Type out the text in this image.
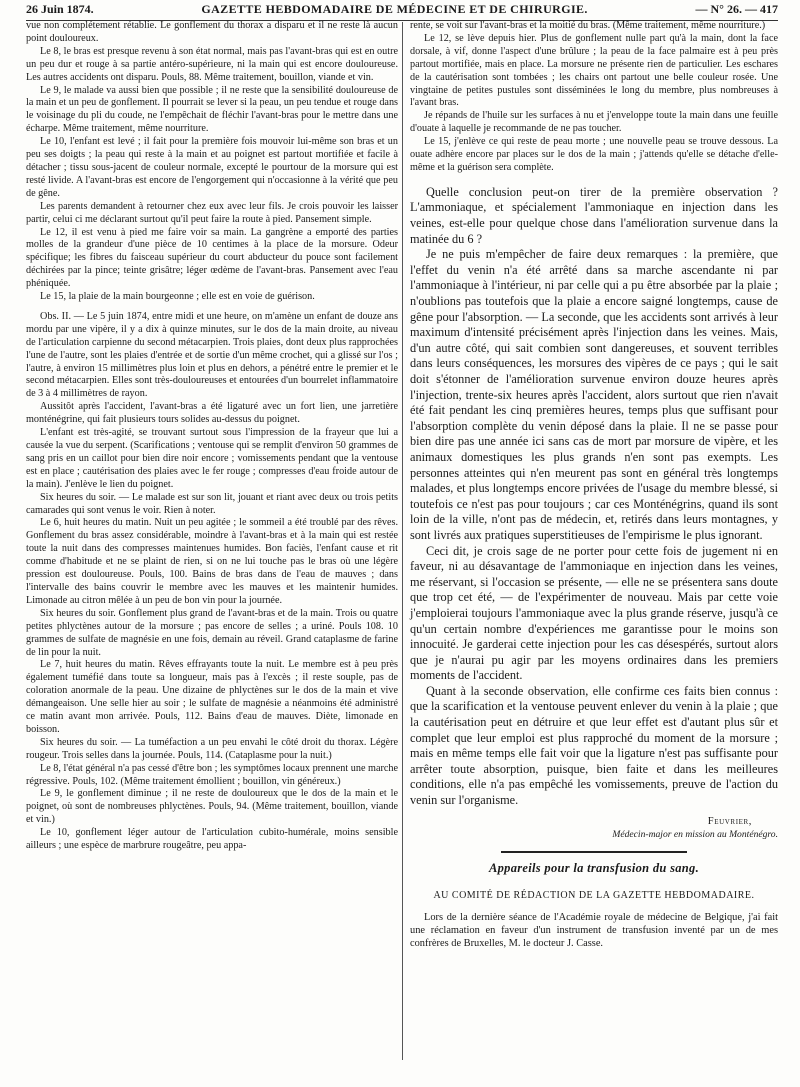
26 Juin 1874.	GAZETTE HEBDOMADAIRE DE MÉDECINE ET DE CHIRURGIE.	— N° 26. — 417

vue non complétement rétablie. Le gonflement du thorax a disparu et il ne reste là aucun point douloureux.

Le 8, le bras est presque revenu à son état normal, mais pas l'avant-bras qui est en outre un peu dur et rouge à sa partie antéro-supérieure, ni la main qui est encore douloureuse. Les autres accidents ont disparu. Pouls, 88. Même traitement, bouillon, viande et vin.

Le 9, le malade va aussi bien que possible ; il ne reste que la sensibilité douloureuse de la main et un peu de gonflement. Il pourrait se lever si la peau, un peu tendue et rouge dans le voisinage du pli du coude, ne l'empêchait de fléchir l'avant-bras pour le mettre dans une écharpe. Même traitement, même nourriture.

Le 10, l'enfant est levé ; il fait pour la première fois mouvoir lui-même son bras et un peu ses doigts ; la peau qui reste à la main et au poignet est partout mortifiée et facile à détacher ; tissu sous-jacent de couleur normale, excepté le pourtour de la morsure qui est resté livide. A l'avant-bras est encore de l'engorgement qui n'occasionne à la vérité que peu de gêne.

Les parents demandent à retourner chez eux avec leur fils. Je crois pouvoir les laisser partir, celui ci me déclarant surtout qu'il peut faire la route à pied. Pansement simple.

Le 12, il est venu à pied me faire voir sa main. La gangrène a emporté des parties molles de la grandeur d'une pièce de 10 centimes à la place de la morsure. Odeur spécifique; les fibres du faisceau supérieur du court abducteur du pouce sont facilement déchirées par la pince; teinte grisâtre; léger œdème de l'avant-bras. Pansement avec l'eau phéniquée.

Le 15, la plaie de la main bourgeonne ; elle est en voie de guérison.

Obs. II. — Le 5 juin 1874, entre midi et une heure, on m'amène un enfant de douze ans mordu par une vipère, il y a dix à quinze minutes, sur le dos de la main droite, au niveau de l'articulation carpienne du second métacarpien. Trois plaies, dont deux plus rapprochées l'une de l'autre, sont les plaies d'entrée et de sortie d'un même crochet, qui a glissé sur l'os ; l'autre, à environ 15 millimètres plus loin et plus en dehors, a pénétré entre le premier et le second métacarpien. Elles sont très-douloureuses et entourées d'un bourrelet inflammatoire de 3 à 4 millimètres de rayon.

Aussitôt après l'accident, l'avant-bras a été ligaturé avec un fort lien, une jarretière monténégrine, qui fait plusieurs tours solides au-dessus du poignet.

L'enfant est très-agité, se trouvant surtout sous l'impression de la frayeur que lui a causée la vue du serpent. (Scarifications ; ventouse qui se remplit d'environ 50 grammes de sang pris en un caillot pour bien dire noir encore ; vomissements pendant que la ventouse est en place ; cautérisation des plaies avec le fer rouge ; compresses d'eau froide autour de la main). J'enlève le lien du poignet.

Six heures du soir. — Le malade est sur son lit, jouant et riant avec deux ou trois petits camarades qui sont venus le voir. Rien à noter.

Le 6, huit heures du matin. Nuit un peu agitée ; le sommeil a été troublé par des rêves. Gonflement du bras assez considérable, moindre à l'avant-bras et à la main qui est restée toute la nuit dans des compresses maintenues humides. Bon faciès, l'enfant cause et rit comme d'habitude et ne se plaint de rien, si on ne lui touche pas le bras où une légère pression est douloureuse. Pouls, 100. Bains de bras dans de l'eau de mauves ; dans l'intervalle des bains couvrir le membre avec les mauves et les maintenir humides. Limonade au citron mêlée à un peu de bon vin pour la journée.

Six heures du soir. Gonflement plus grand de l'avant-bras et de la main. Trois ou quatre petites phlyctènes autour de la morsure ; pas encore de selles ; a uriné. Pouls 108. 10 grammes de sulfate de magnésie en une fois, demain au réveil. Grand cataplasme de farine de lin pour la nuit.

Le 7, huit heures du matin. Rêves effrayants toute la nuit. Le membre est à peu près également tuméfié dans toute sa longueur, mais pas à l'excès ; il reste souple, pas de coloration anormale de la peau. Une dizaine de phlyctènes sur le dos de la main et vive démangeaison. Une selle hier au soir ; le sulfate de magnésie a néanmoins été administré ce matin avant mon arrivée. Pouls, 112. Bains d'eau de mauves. Diète, limonade en boisson.

Six heures du soir. — La tuméfaction a un peu envahi le côté droit du thorax. Légère rougeur. Trois selles dans la journée. Pouls, 114. (Cataplasme pour la nuit.)

Le 8, l'état général n'a pas cessé d'être bon ; les symptômes locaux prennent une marche régressive. Pouls, 102. (Même traitement émollient ; bouillon, vin généreux.)

Le 9, le gonflement diminue ; il ne reste de douloureux que le dos de la main et le poignet, où sont de nombreuses phlyctènes. Pouls, 94. (Même traitement, bouillon, viande et vin.)

Le 10, gonflement léger autour de l'articulation cubito-humérale, moins sensible ailleurs ; une espèce de marbrure rougeâtre, peu appa-

rente, se voit sur l'avant-bras et la moitié du bras. (Même traitement, même nourriture.)

Le 12, se lève depuis hier. Plus de gonflement nulle part qu'à la main, dont la face dorsale, à vif, donne l'aspect d'une brûlure ; la peau de la face palmaire est à peu près partout mortifiée, mais en place. La morsure ne présente rien de particulier. Les eschares de la cautérisation sont tombées ; les chairs ont partout une belle couleur rosée. Une vingtaine de petites pustules sont disséminées le long du membre, plus nombreuses à l'avant bras.

Je répands de l'huile sur les surfaces à nu et j'enveloppe toute la main dans une feuille d'ouate à laquelle je recommande de ne pas toucher.

Le 15, j'enlève ce qui reste de peau morte ; une nouvelle peau se trouve dessous. La ouate adhère encore par places sur le dos de la main ; j'attends qu'elle se détache d'elle-même et la guérison sera complète.

Quelle conclusion peut-on tirer de la première observation ? L'ammoniaque, et spécialement l'ammoniaque en injection dans les veines, est-elle pour quelque chose dans l'amélioration survenue dans la matinée du 6 ?

Je ne puis m'empêcher de faire deux remarques : la première, que l'effet du venin n'a été arrêté dans sa marche ascendante ni par l'ammoniaque à l'intérieur, ni par celle qui a pu être absorbée par la plaie ; n'oublions pas toutefois que la plaie a encore saigné longtemps, cause de gêne pour l'absorption. — La seconde, que les accidents sont arrivés à leur maximum d'intensité précisément après l'injection dans les veines. Mais, d'un autre côté, qui sait combien sont dangereuses, et souvent terribles dans leurs conséquences, les morsures des vipères de ce pays ; qui le sait doit s'étonner de l'amélioration survenue environ douze heures après l'injection, trente-six heures après l'accident, alors surtout que rien n'avait été fait pendant les cinq premières heures, temps plus que suffisant pour l'absorption complète du venin déposé dans la plaie. Il ne se passe pour bien dire pas une année ici sans cas de mort par morsure de vipère, et les animaux domestiques les plus grands n'en sont pas exempts. Les personnes atteintes qui n'en meurent pas sont en général très longtemps malades, et plus longtemps encore privées de l'usage du membre blessé, si toutefois ce n'est pas pour toujours ; car ces Monténégrins, quand ils sont loin de la ville, n'ont pas de médecin, et, retirés dans leurs montagnes, y sont livrés aux pratiques superstitieuses de l'empirisme le plus ignorant.

Ceci dit, je crois sage de ne porter pour cette fois de jugement ni en faveur, ni au désavantage de l'ammoniaque en injection dans les veines, me réservant, si l'occasion se présente, — elle ne se présentera sans doute que trop cet été, — de l'expérimenter de nouveau. Mais par cette voie j'emploierai toujours l'ammoniaque avec la plus grande réserve, jusqu'à ce qu'un certain nombre d'expériences me garantisse pour le moins son innocuité. Je garderai cette injection pour les cas désespérés, surtout alors que je n'aurai pu agir par les moyens ordinaires dans les premiers moments de l'accident.

Quant à la seconde observation, elle confirme ces faits bien connus : que la scarification et la ventouse peuvent enlever du venin à la plaie ; que la cautérisation peut en détruire et que leur effet est d'autant plus sûr et complet que leur emploi est plus rapproché du moment de la morsure ; mais en même temps elle fait voir que la ligature n'est pas suffisante pour arrêter toute absorption, puisque, bien faite et dans les meilleures conditions, elle n'a pas empêché les vomissements, preuve de l'action du venin sur l'organisme.

Feuvrier,
Médecin-major en mission au Monténégro.
Appareils pour la transfusion du sang.
AU COMITÉ DE RÉDACTION DE LA GAZETTE HEBDOMADAIRE.

Lors de la dernière séance de l'Académie royale de médecine de Belgique, j'ai fait une réclamation en faveur d'un instrument de transfusion inventé par un de mes confrères de Bruxelles, M. le docteur J. Casse.
